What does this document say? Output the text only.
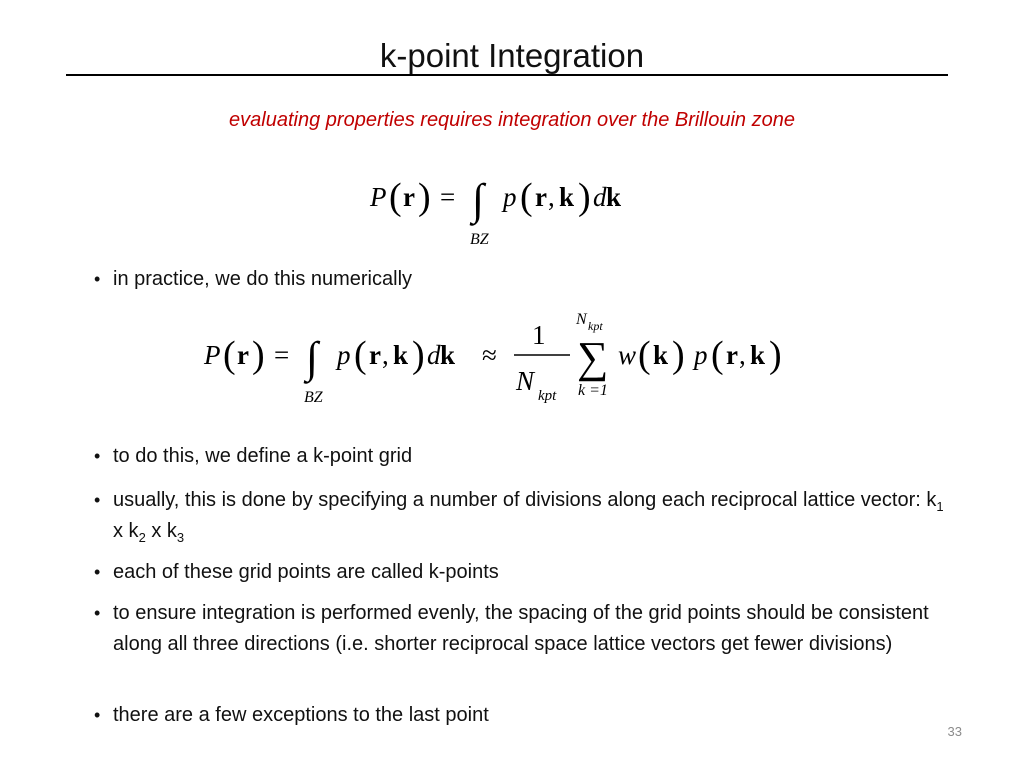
k-point Integration
evaluating properties requires integration over the Brillouin zone
P ( r ) = ∫
BZ
p ( r , k ) d k
• in practice, we do this numerically
P ( r ) = ∫
BZ
p ( r , k ) d k ≈
1
N kpt
N kpt
∑
k =1
w ( k ) p ( r , k )
• to do this, we define a k-point grid
• usually, this is done by specifying a number of divisions along each reciprocal lattice vector: $k_1$ x $k_2$ x $k_3$
• each of these grid points are called k-points
• to ensure integration is performed evenly, the spacing of the grid points should be consistent along all three directions (i.e. shorter reciprocal space lattice vectors get fewer divisions)
• there are a few exceptions to the last point
33
